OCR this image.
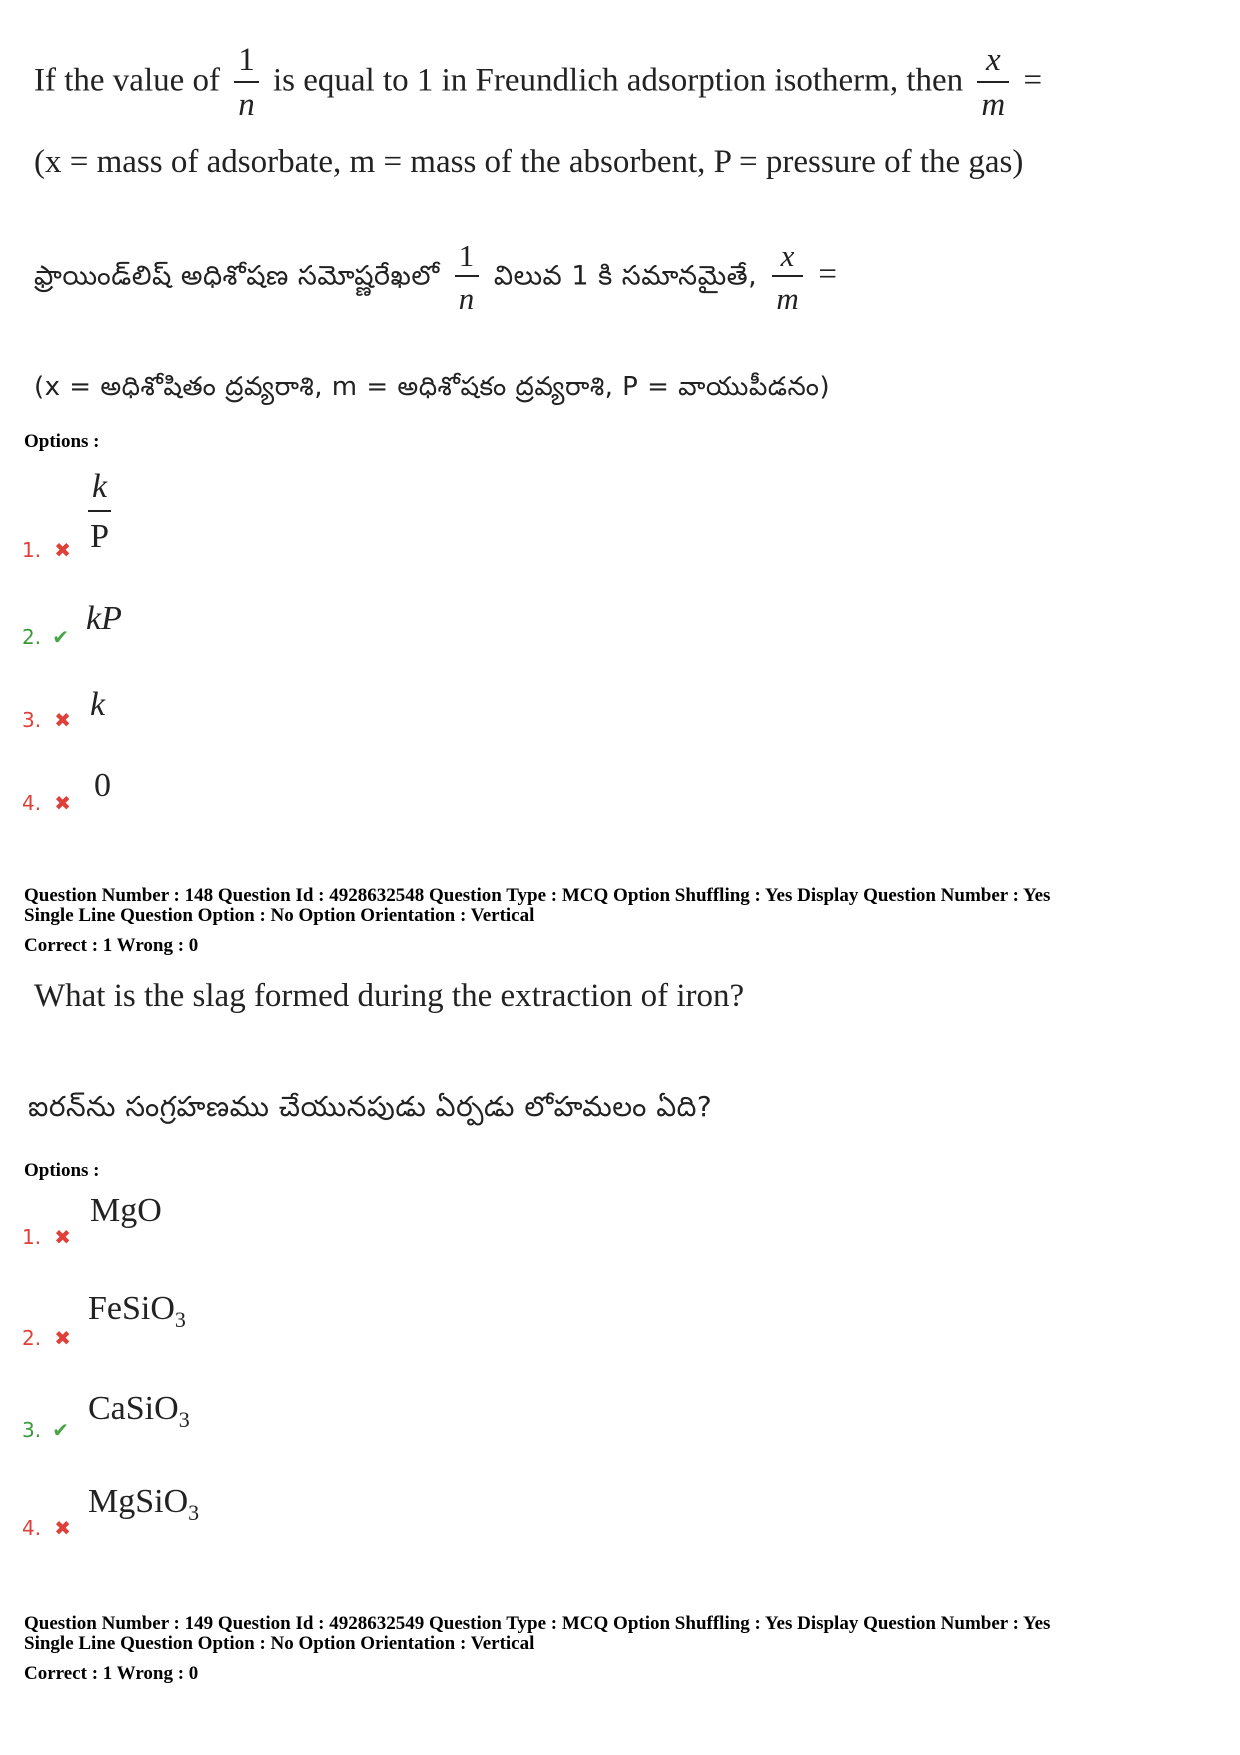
If the value of $\frac{1}{n}$ is equal to 1 in Freundlich adsorption isotherm, then $\frac{x}{m}$ =
(x = mass of adsorbate, m = mass of the absorbent, P = pressure of the gas)
ఫ్రాయిండ్‌లిష్ అధిశోషణ సమోష్ణరేఖలో $\frac{1}{n}$ విలువ 1 కి సమానమైతే, $\frac{x}{m}$ =
(x = అధిశోషితం ద్రవ్యరాశి, m = అధిశోషకం ద్రవ్యరాశి, P = వాయుపీడనం)
Options :
1. ✖ $\frac{k}{P}$
2. ✔ kP
3. ✖ k
4. ✖ 0
Question Number : 148 Question Id : 4928632548 Question Type : MCQ Option Shuffling : Yes Display Question Number : Yes
Single Line Question Option : No Option Orientation : Vertical
Correct : 1 Wrong : 0
What is the slag formed during the extraction of iron?
ఐరన్‌ను సంగ్రహణము చేయునపుడు ఏర్పడు లోహమలం ఏది?
Options :
1. ✖
MgO
2. ✖
FeSiO$_3$
3. ✔
CaSiO$_3$
4. ✖
MgSiO$_3$
Question Number : 149 Question Id : 4928632549 Question Type : MCQ Option Shuffling : Yes Display Question Number : Yes
Single Line Question Option : No Option Orientation : Vertical
Correct : 1 Wrong : 0
